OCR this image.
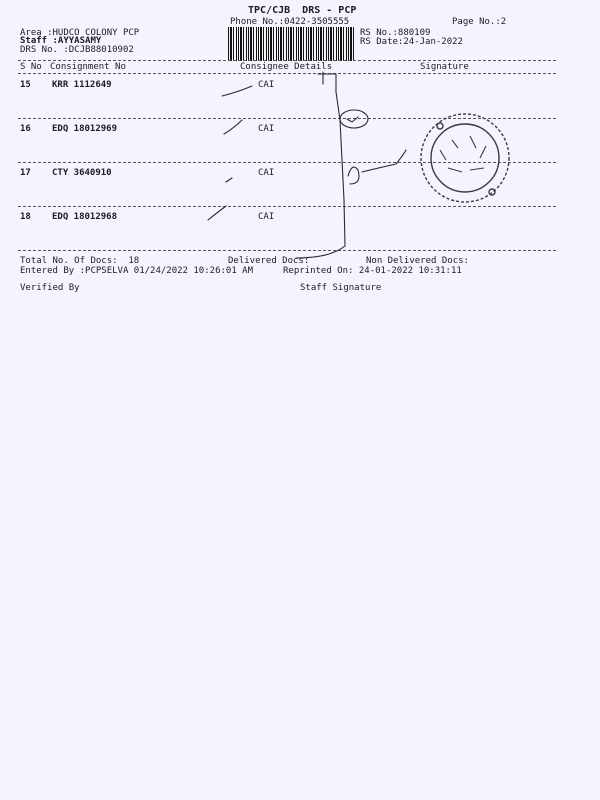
TPC/CJB  DRS - PCP
Phone No.:0422-3505555	Page No.:2
Area :HUDCO COLONY PCP
Staff :AYYASAMY
DRS No. :DCJB88010902
RS No.:880109
RS Date:24-Jan-2022
S No Consignment No	Consignee Details	Signature
15 KRR 1112649	CAI
16 EDQ 18012969	CAI
17 CTY 3640910	CAI
18 EDQ 18012968	CAI
Total No. Of Docs:  18	Delivered Docs:	Non Delivered Docs:
Entered By :PCPSELVA 01/24/2022 10:26:01 AM	Reprinted On: 24-01-2022 10:31:11
Verified By	Staff Signature
